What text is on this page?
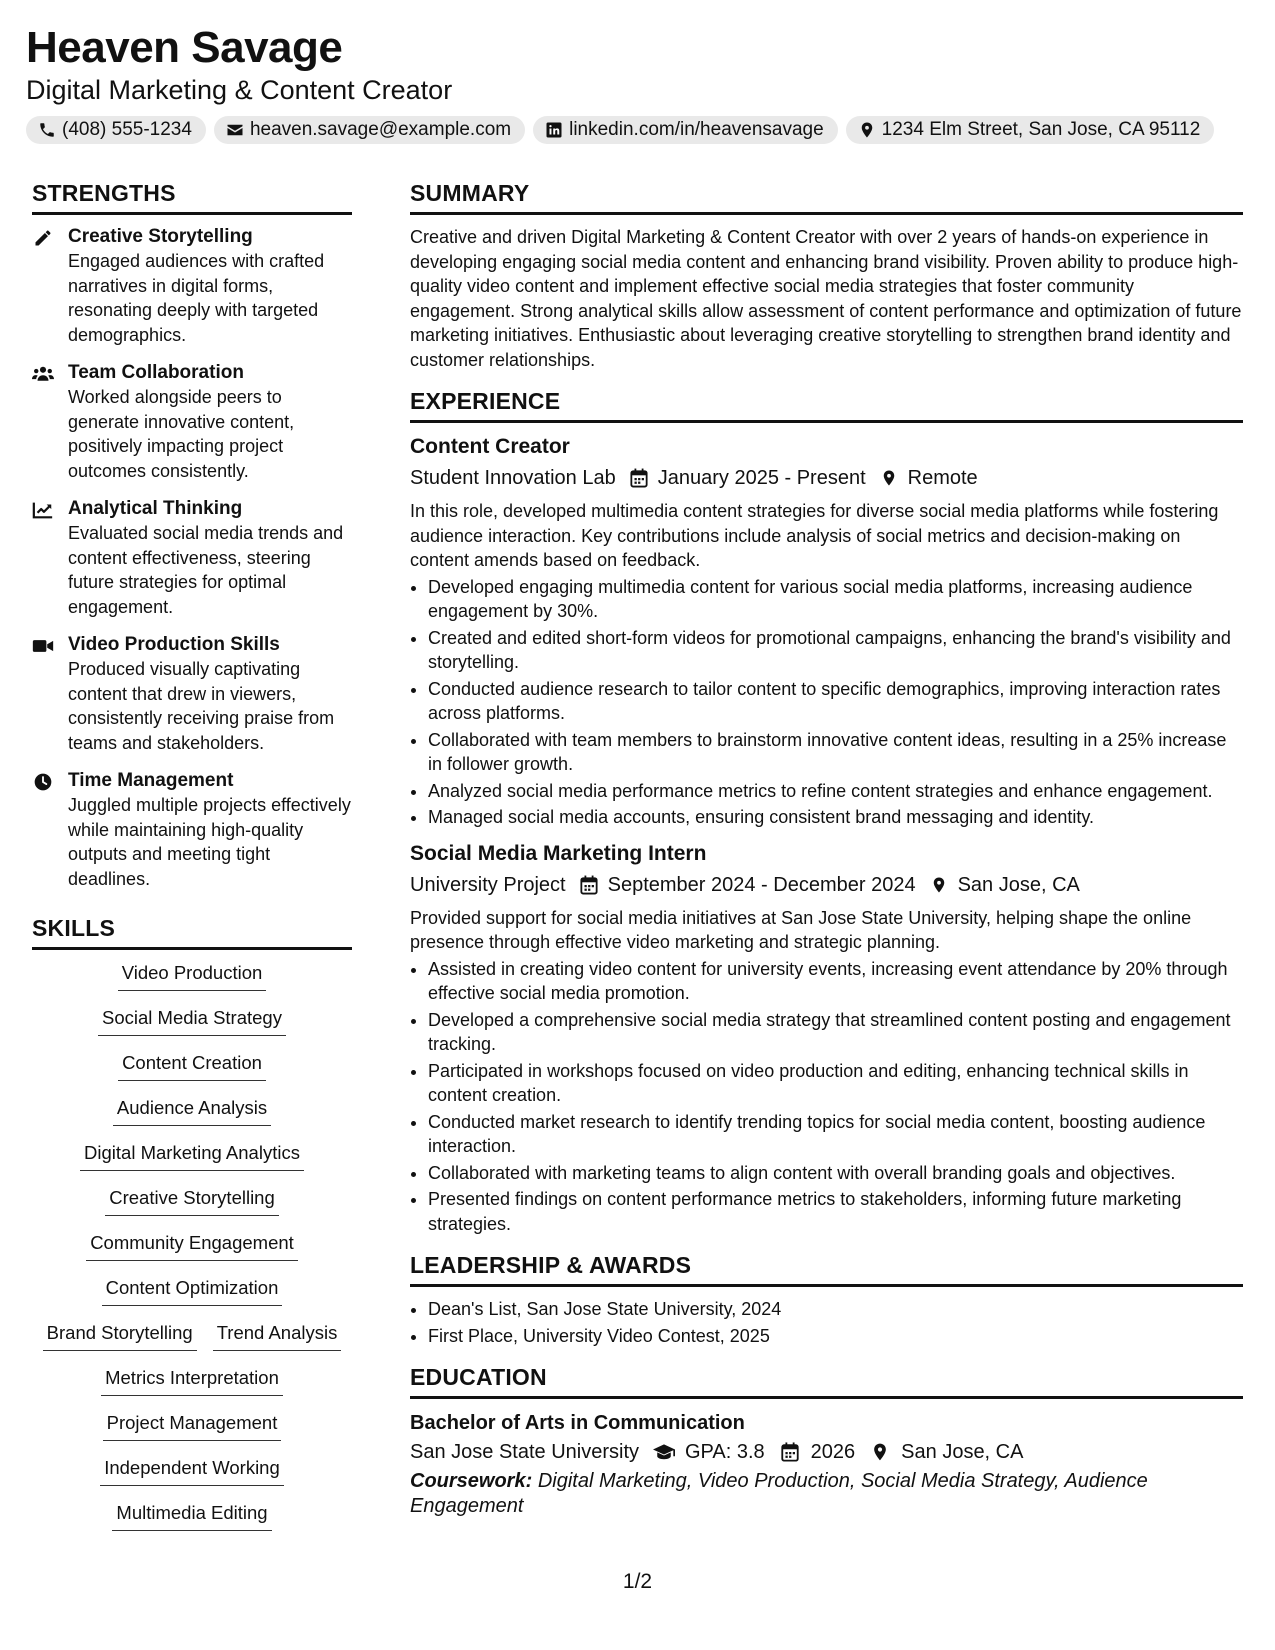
Heaven Savage
Digital Marketing & Content Creator
(408) 555-1234	heaven.savage@example.com	linkedin.com/in/heavensavage	1234 Elm Street, San Jose, CA 95112
STRENGTHS
Creative Storytelling
Engaged audiences with crafted narratives in digital forms, resonating deeply with targeted demographics.
Team Collaboration
Worked alongside peers to generate innovative content, positively impacting project outcomes consistently.
Analytical Thinking
Evaluated social media trends and content effectiveness, steering future strategies for optimal engagement.
Video Production Skills
Produced visually captivating content that drew in viewers, consistently receiving praise from teams and stakeholders.
Time Management
Juggled multiple projects effectively while maintaining high-quality outputs and meeting tight deadlines.
SKILLS
Video Production
Social Media Strategy
Content Creation
Audience Analysis
Digital Marketing Analytics
Creative Storytelling
Community Engagement
Content Optimization
Brand Storytelling Trend Analysis
Metrics Interpretation
Project Management
Independent Working
Multimedia Editing
SUMMARY

Creative and driven Digital Marketing & Content Creator with over 2 years of hands-on experience in developing engaging social media content and enhancing brand visibility. Proven ability to produce high-quality video content and implement effective social media strategies that foster community engagement. Strong analytical skills allow assessment of content performance and optimization of future marketing initiatives. Enthusiastic about leveraging creative storytelling to strengthen brand identity and customer relationships.

EXPERIENCE
Content Creator
Student Innovation Lab January 2025 - Present Remote
In this role, developed multimedia content strategies for diverse social media platforms while fostering audience interaction. Key contributions include analysis of social metrics and decision-making on content amends based on feedback.
• Developed engaging multimedia content for various social media platforms, increasing audience engagement by 30%.
• Created and edited short-form videos for promotional campaigns, enhancing the brand's visibility and storytelling.
• Conducted audience research to tailor content to specific demographics, improving interaction rates across platforms.
• Collaborated with team members to brainstorm innovative content ideas, resulting in a 25% increase in follower growth.
• Analyzed social media performance metrics to refine content strategies and enhance engagement.
• Managed social media accounts, ensuring consistent brand messaging and identity.
Social Media Marketing Intern
University Project September 2024 - December 2024 San Jose, CA
Provided support for social media initiatives at San Jose State University, helping shape the online presence through effective video marketing and strategic planning.
• Assisted in creating video content for university events, increasing event attendance by 20% through effective social media promotion.
• Developed a comprehensive social media strategy that streamlined content posting and engagement tracking.
• Participated in workshops focused on video production and editing, enhancing technical skills in content creation.
• Conducted market research to identify trending topics for social media content, boosting audience interaction.
• Collaborated with marketing teams to align content with overall branding goals and objectives.
• Presented findings on content performance metrics to stakeholders, informing future marketing strategies.
LEADERSHIP & AWARDS
• Dean's List, San Jose State University, 2024
• First Place, University Video Contest, 2025
EDUCATION
Bachelor of Arts in Communication
San Jose State University GPA: 3.8 2026 San Jose, CA
Coursework: Digital Marketing, Video Production, Social Media Strategy, Audience Engagement
1/2
